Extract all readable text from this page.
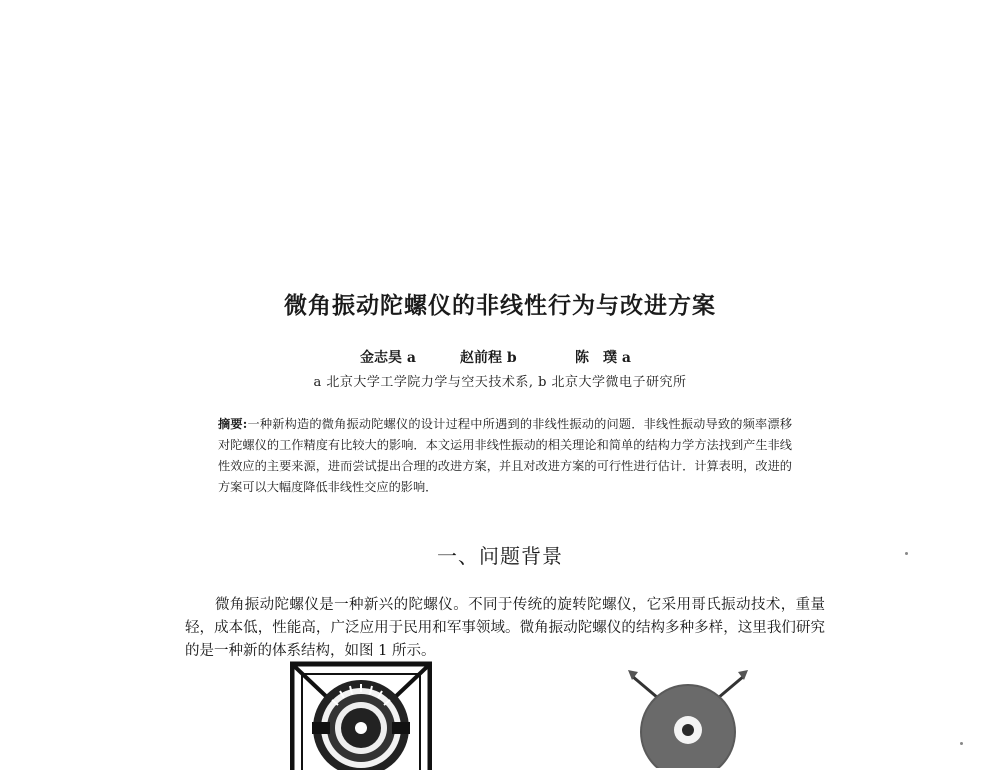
微角振动陀螺仪的非线性行为与改进方案
金志昊 a	赵前程 b	陈　璞 a
a 北京大学工学院力学与空天技术系, b 北京大学微电子研究所
摘要:一种新构造的微角振动陀螺仪的设计过程中所遇到的非线性振动的问题．非线性振动导致的频率漂移对陀螺仪的工作精度有比较大的影响．本文运用非线性振动的相关理论和简单的结构力学方法找到产生非线性效应的主要来源，进而尝试提出合理的改进方案，并且对改进方案的可行性进行估计．计算表明，改进的方案可以大幅度降低非线性交应的影响．
一、问题背景
微角振动陀螺仪是一种新兴的陀螺仪。不同于传统的旋转陀螺仪，它采用哥氏振动技术，重量轻，成本低，性能高，广泛应用于民用和军事领域。微角振动陀螺仪的结构多种多样，这里我们研究的是一种新的体系结构，如图 1 所示。
